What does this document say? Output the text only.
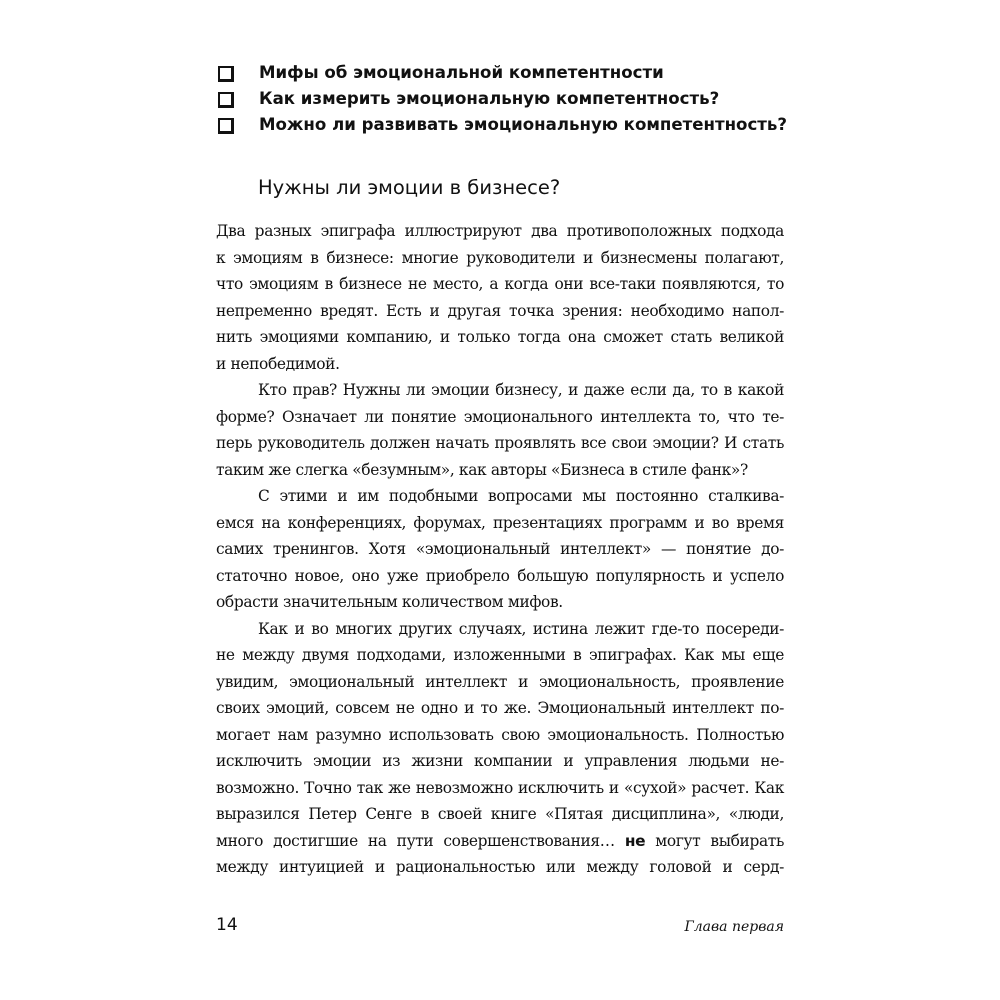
Мифы об эмоциональной компетентности
Как измерить эмоциональную компетентность?
Можно ли развивать эмоциональную компетентность?
Нужны ли эмоции в бизнесе?
Два разных эпиграфа иллюстрируют два противоположных подхода
к эмоциям в бизнесе: многие руководители и бизнесмены полагают,
что эмоциям в бизнесе не место, а когда они все-таки появляются, то
непременно вредят. Есть и другая точка зрения: необходимо напол-
нить эмоциями компанию, и только тогда она сможет стать великой
и непобедимой.
Кто прав? Нужны ли эмоции бизнесу, и даже если да, то в какой
форме? Означает ли понятие эмоционального интеллекта то, что те-
перь руководитель должен начать проявлять все свои эмоции? И стать
таким же слегка «безумным», как авторы «Бизнеса в стиле фанк»?
С этими и им подобными вопросами мы постоянно сталкива-
емся на конференциях, форумах, презентациях программ и во время
самих тренингов. Хотя «эмоциональный интеллект» — понятие до-
статочно новое, оно уже приобрело большую популярность и успело
обрасти значительным количеством мифов.
Как и во многих других случаях, истина лежит где-то посереди-
не между двумя подходами, изложенными в эпиграфах. Как мы еще
увидим, эмоциональный интеллект и эмоциональность, проявление
своих эмоций, совсем не одно и то же. Эмоциональный интеллект по-
могает нам разумно использовать свою эмоциональность. Полностью
исключить эмоции из жизни компании и управления людьми не-
возможно. Точно так же невозможно исключить и «сухой» расчет. Как
выразился Петер Сенге в своей книге «Пятая дисциплина», «люди,
много достигшие на пути совершенствования… не могут выбирать
между интуицией и рациональностью или между головой и серд-
14	Глава первая
